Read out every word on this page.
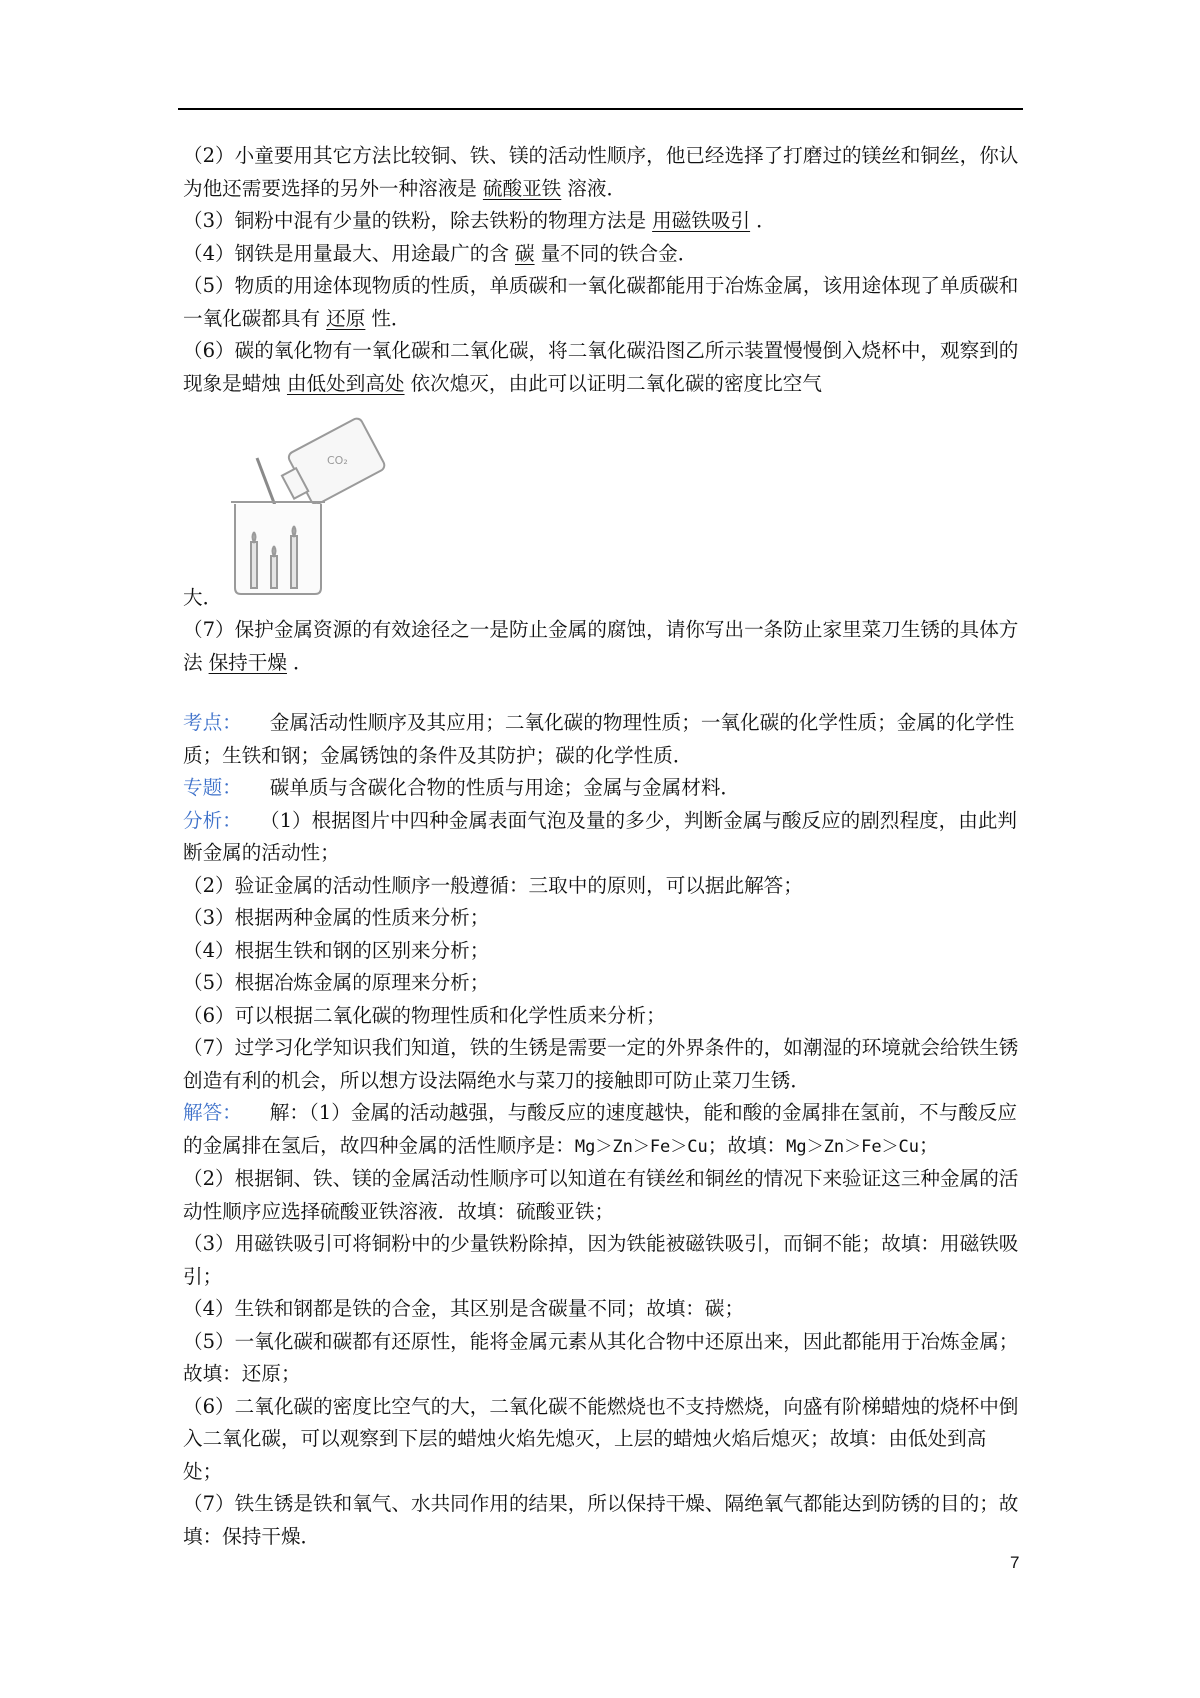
（2）小童要用其它方法比较铜、铁、镁的活动性顺序，他已经选择了打磨过的镁丝和铜丝，你认为他还需要选择的另外一种溶液是 硫酸亚铁 溶液．

（3）铜粉中混有少量的铁粉，除去铁粉的物理方法是 用磁铁吸引 ．

（4）钢铁是用量最大、用途最广的含 碳 量不同的铁合金．

（5）物质的用途体现物质的性质，单质碳和一氧化碳都能用于冶炼金属，该用途体现了单质碳和一氧化碳都具有 还原 性．

（6）碳的氧化物有一氧化碳和二氧化碳，将二氧化碳沿图乙所示装置慢慢倒入烧杯中，观察到的现象是蜡烛 由低处到高处 依次熄灭，由此可以证明二氧化碳的密度比空气

CO₂
大．

（7）保护金属资源的有效途径之一是防止金属的腐蚀，请你写出一条防止家里菜刀生锈的具体方法 保持干燥 ．

考点： 金属活动性顺序及其应用；二氧化碳的物理性质；一氧化碳的化学性质；金属的化学性质；生铁和钢；金属锈蚀的条件及其防护；碳的化学性质．

专题： 碳单质与含碳化合物的性质与用途；金属与金属材料．

分析： （1）根据图片中四种金属表面气泡及量的多少，判断金属与酸反应的剧烈程度，由此判断金属的活动性；

（2）验证金属的活动性顺序一般遵循：三取中的原则，可以据此解答；

（3）根据两种金属的性质来分析；

（4）根据生铁和钢的区别来分析；

（5）根据冶炼金属的原理来分析；

（6）可以根据二氧化碳的物理性质和化学性质来分析；

（7）过学习化学知识我们知道，铁的生锈是需要一定的外界条件的，如潮湿的环境就会给铁生锈创造有利的机会，所以想方设法隔绝水与菜刀的接触即可防止菜刀生锈．

解答： 解：（1）金属的活动越强，与酸反应的速度越快，能和酸的金属排在氢前，不与酸反应的金属排在氢后，故四种金属的活性顺序是：Mg＞Zn＞Fe＞Cu；故填：Mg＞Zn＞Fe＞Cu；

（2）根据铜、铁、镁的金属活动性顺序可以知道在有镁丝和铜丝的情况下来验证这三种金属的活动性顺序应选择硫酸亚铁溶液．故填：硫酸亚铁；

（3）用磁铁吸引可将铜粉中的少量铁粉除掉，因为铁能被磁铁吸引，而铜不能；故填：用磁铁吸引；

（4）生铁和钢都是铁的合金，其区别是含碳量不同；故填：碳；

（5）一氧化碳和碳都有还原性，能将金属元素从其化合物中还原出来，因此都能用于冶炼金属；故填：还原；

（6）二氧化碳的密度比空气的大，二氧化碳不能燃烧也不支持燃烧，向盛有阶梯蜡烛的烧杯中倒入二氧化碳，可以观察到下层的蜡烛火焰先熄灭，上层的蜡烛火焰后熄灭；故填：由低处到高处；

（7）铁生锈是铁和氧气、水共同作用的结果，所以保持干燥、隔绝氧气都能达到防锈的目的；故填：保持干燥．

7
